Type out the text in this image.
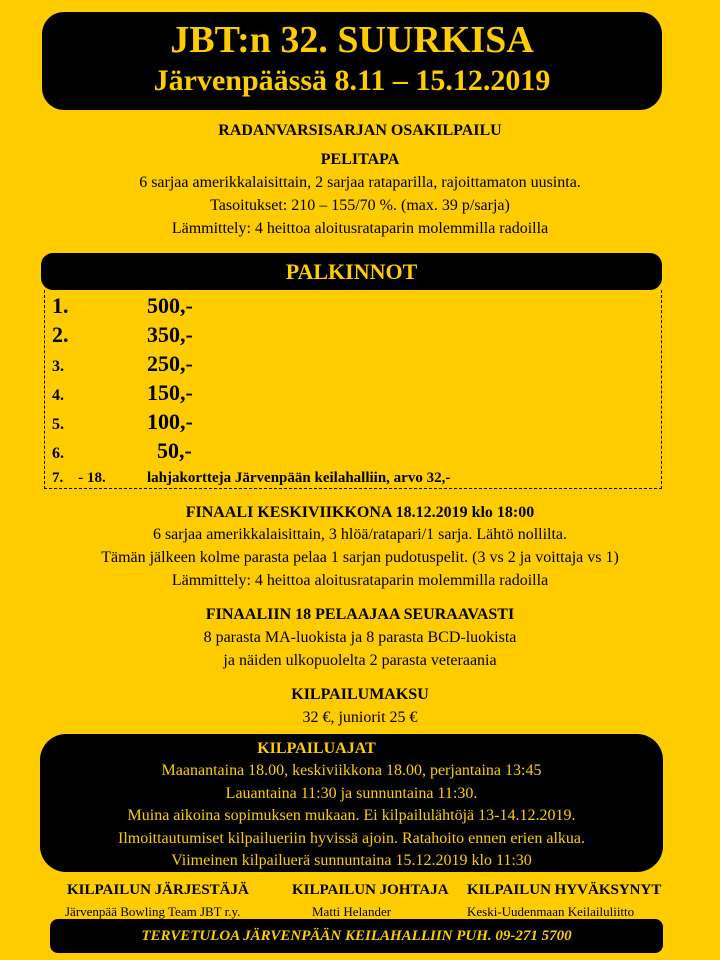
JBT:n 32. SUURKISA
Järvenpäässä 8.11 – 15.12.2019
RADANVARSISARJAN OSAKILPAILU
PELITAPA
6 sarjaa amerikkalaisittain, 2 sarjaa rataparilla, rajoittamaton uusinta.
Tasoitukset: 210 – 155/70 %. (max. 39 p/sarja)
Lämmittely: 4 heittoa aloitusrataparin molemmilla radoilla
PALKINNOT
1.	500,-
2.	350,-
3.	250,-
4.	150,-
5.	100,-
6.	50,-
7.    - 18.	lahjakortteja Järvenpään keilahalliin, arvo 32,-
FINAALI KESKIVIIKKONA 18.12.2019 klo 18:00
6 sarjaa amerikkalaisittain, 3 hlöä/ratapari/1 sarja. Lähtö nollilta.
Tämän jälkeen kolme parasta pelaa 1 sarjan pudotuspelit. (3 vs 2 ja voittaja vs 1)
Lämmittely: 4 heittoa aloitusrataparin molemmilla radoilla
FINAALIIN 18 PELAAJAA SEURAAVASTI
8 parasta MA-luokista ja 8 parasta BCD-luokista
ja näiden ulkopuolelta 2 parasta veteraania
KILPAILUMAKSU
32 €, juniorit 25 €
KILPAILUAJAT
Maanantaina 18.00, keskiviikkona 18.00, perjantaina 13:45
Lauantaina 11:30 ja sunnuntaina 11:30.
Muina aikoina sopimuksen mukaan. Ei kilpailulähtöjä 13-14.12.2019.
Ilmoittautumiset kilpailueriin hyvissä ajoin. Ratahoito ennen erien alkua.
Viimeinen kilpailuerä sunnuntaina 15.12.2019 klo 11:30
KILPAILUN JÄRJESTÄJÄ
Järvenpää Bowling Team JBT r.y.
KILPAILUN JOHTAJA
Matti Helander
KILPAILUN HYVÄKSYNYT
Keski-Uudenmaan Keilailuliitto
TERVETULOA JÄRVENPÄÄN KEILAHALLIIN PUH. 09-271 5700
